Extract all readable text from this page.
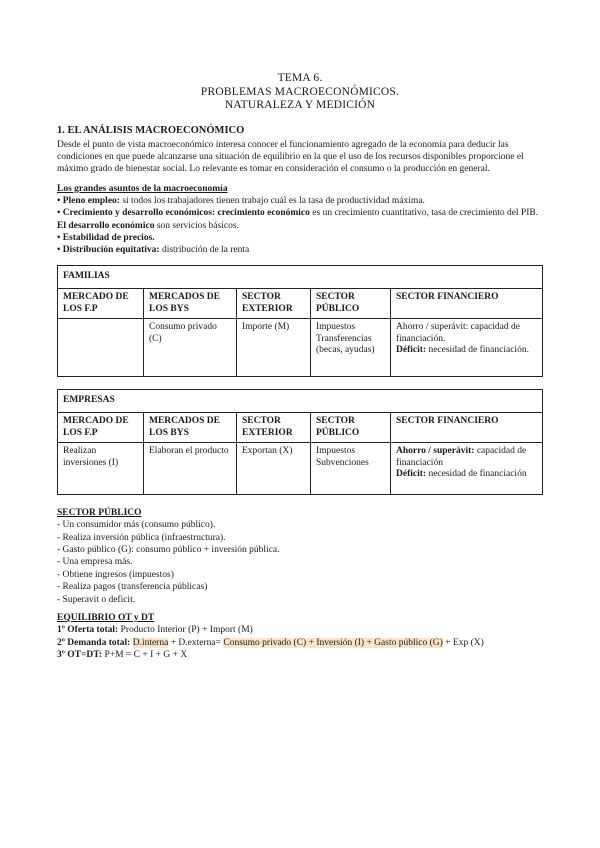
TEMA 6.
PROBLEMAS MACROECONÓMICOS.
NATURALEZA Y MEDICIÓN
1. EL ANÁLISIS MACROECONÓMICO

Desde el punto de vista macroeconómico interesa conocer el funcionamiento agregado de la economía para deducir las condiciones en que puede alcanzarse una situación de equilibrio en la que el uso de los recursos disponibles proporcione el máximo grado de bienestar social. Lo relevante es tomar en consideración el consumo o la producción en general.

Los grandes asuntos de la macroeconomía
• Pleno empleo: si todos los trabajadores tienen trabajo cuál es la tasa de productividad máxima.
• Crecimiento y desarrollo económicos: crecimiento económico es un crecimiento cuantitativo, tasa de crecimiento del PIB. El desarrollo económico son servicios básicos.
• Estabilidad de precios.
• Distribución equitativa: distribución de la renta
FAMILIAS				
MERCADO DE LOS F.P	MERCADOS DE LOS BYS	SECTOR EXTERIOR	SECTOR PÚBLICO	SECTOR FINANCIERO
	Consumo privado (C)	Importe (M)	Impuestos Transferencias (becas, ayudas)	Ahorro / superávit: capacidad de financiación.
Déficit: necesidad de financiación.
EMPRESAS				
MERCADO DE LOS F.P	MERCADOS DE LOS BYS	SECTOR EXTERIOR	SECTOR PÚBLICO	SECTOR FINANCIERO
Realizan inversiones (I)	Elaboran el producto	Exportan (X)	Impuestos Subvenciones	Ahorro / superávit: capacidad de financiación
Déficit: necesidad de financiación
SECTOR PÚBLICO
- Un consumidor más (consumo público).
- Realiza inversión pública (infraestructura).
- Gasto público (G): consumo público + inversión pública.
- Una empresa más.
- Obtiene ingresos (impuestos)
- Realiza pagos (transferencia públicas)
- Superavit o deficit.
EQUILIBRIO OT y DT
1º Oferta total: Producto Interior (P) + Import (M)
2º Demanda total: D.interna + D.externa= Consumo privado (C) + Inversión (I) + Gasto público (G) + Exp (X)
3º OT=DT: P+M = C + I + G + X
